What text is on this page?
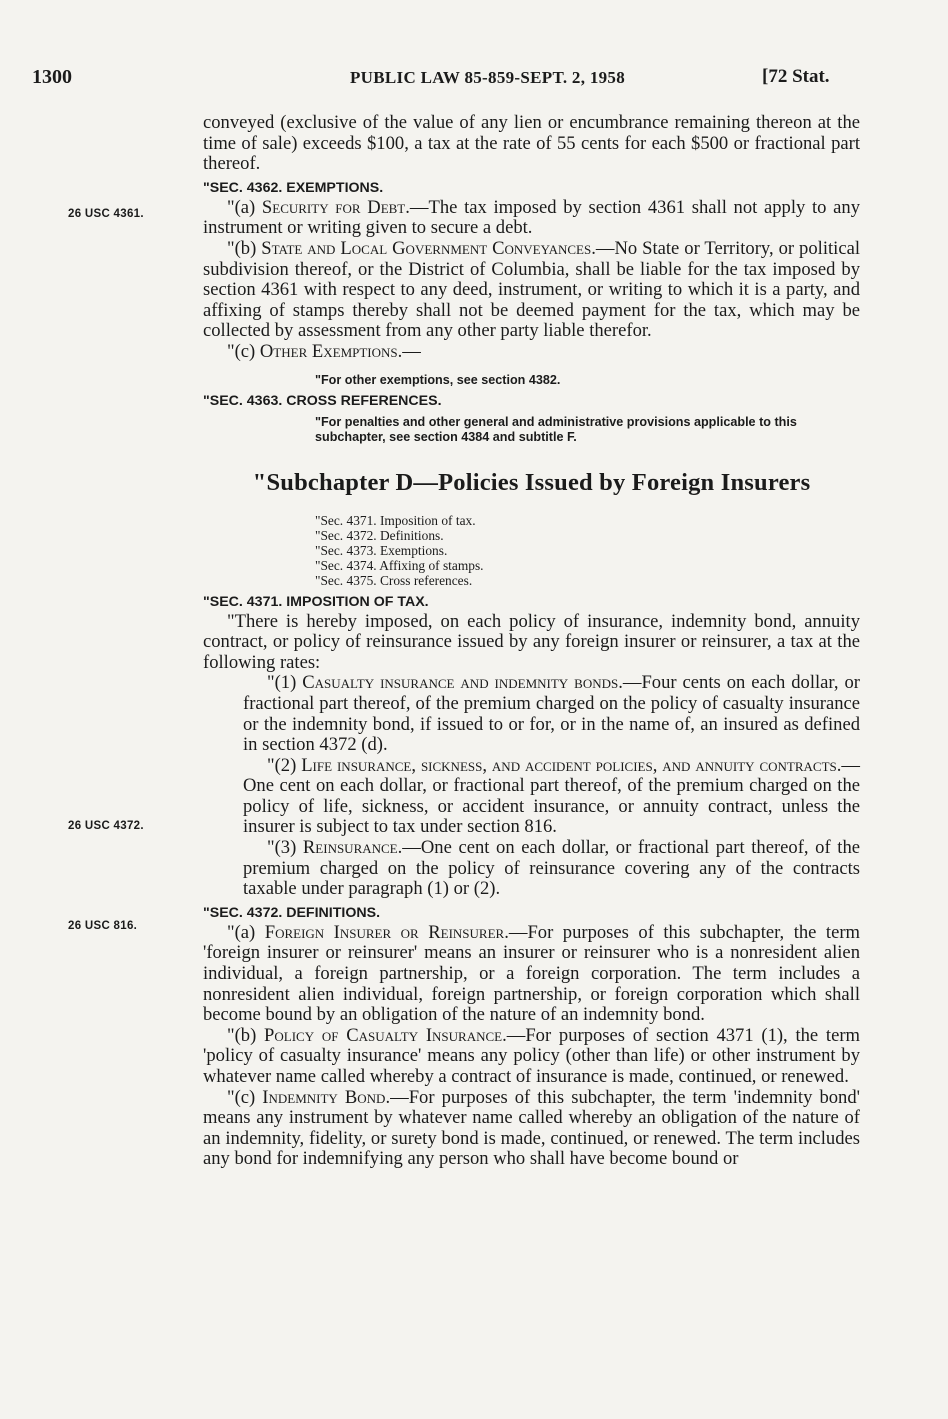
1300	PUBLIC LAW 85-859-SEPT. 2, 1958	[72 Stat.
26 USC 4361.
26 USC 4372.
26 USC 816.

conveyed (exclusive of the value of any lien or encumbrance remaining thereon at the time of sale) exceeds $100, a tax at the rate of 55 cents for each $500 or fractional part thereof.

"SEC. 4362. EXEMPTIONS.

"(a) Security for Debt.—The tax imposed by section 4361 shall not apply to any instrument or writing given to secure a debt.

"(b) State and Local Government Conveyances.—No State or Territory, or political subdivision thereof, or the District of Columbia, shall be liable for the tax imposed by section 4361 with respect to any deed, instrument, or writing to which it is a party, and affixing of stamps thereby shall not be deemed payment for the tax, which may be collected by assessment from any other party liable therefor.

"(c) Other Exemptions.—

"For other exemptions, see section 4382.
"SEC. 4363. CROSS REFERENCES.
"For penalties and other general and administrative provisions applicable to this subchapter, see section 4384 and subtitle F.
"Subchapter D—Policies Issued by Foreign Insurers
"Sec. 4371. Imposition of tax.
"Sec. 4372. Definitions.
"Sec. 4373. Exemptions.
"Sec. 4374. Affixing of stamps.
"Sec. 4375. Cross references.
"SEC. 4371. IMPOSITION OF TAX.

"There is hereby imposed, on each policy of insurance, indemnity bond, annuity contract, or policy of reinsurance issued by any foreign insurer or reinsurer, a tax at the following rates:

"(1) Casualty insurance and indemnity bonds.—Four cents on each dollar, or fractional part thereof, of the premium charged on the policy of casualty insurance or the indemnity bond, if issued to or for, or in the name of, an insured as defined in section 4372 (d).

"(2) Life insurance, sickness, and accident policies, and annuity contracts.—One cent on each dollar, or fractional part thereof, of the premium charged on the policy of life, sickness, or accident insurance, or annuity contract, unless the insurer is subject to tax under section 816.

"(3) Reinsurance.—One cent on each dollar, or fractional part thereof, of the premium charged on the policy of reinsurance covering any of the contracts taxable under paragraph (1) or (2).

"SEC. 4372. DEFINITIONS.

"(a) Foreign Insurer or Reinsurer.—For purposes of this subchapter, the term 'foreign insurer or reinsurer' means an insurer or reinsurer who is a nonresident alien individual, a foreign partnership, or a foreign corporation. The term includes a nonresident alien individual, foreign partnership, or foreign corporation which shall become bound by an obligation of the nature of an indemnity bond.

"(b) Policy of Casualty Insurance.—For purposes of section 4371 (1), the term 'policy of casualty insurance' means any policy (other than life) or other instrument by whatever name called whereby a contract of insurance is made, continued, or renewed.

"(c) Indemnity Bond.—For purposes of this subchapter, the term 'indemnity bond' means any instrument by whatever name called whereby an obligation of the nature of an indemnity, fidelity, or surety bond is made, continued, or renewed. The term includes any bond for indemnifying any person who shall have become bound or
